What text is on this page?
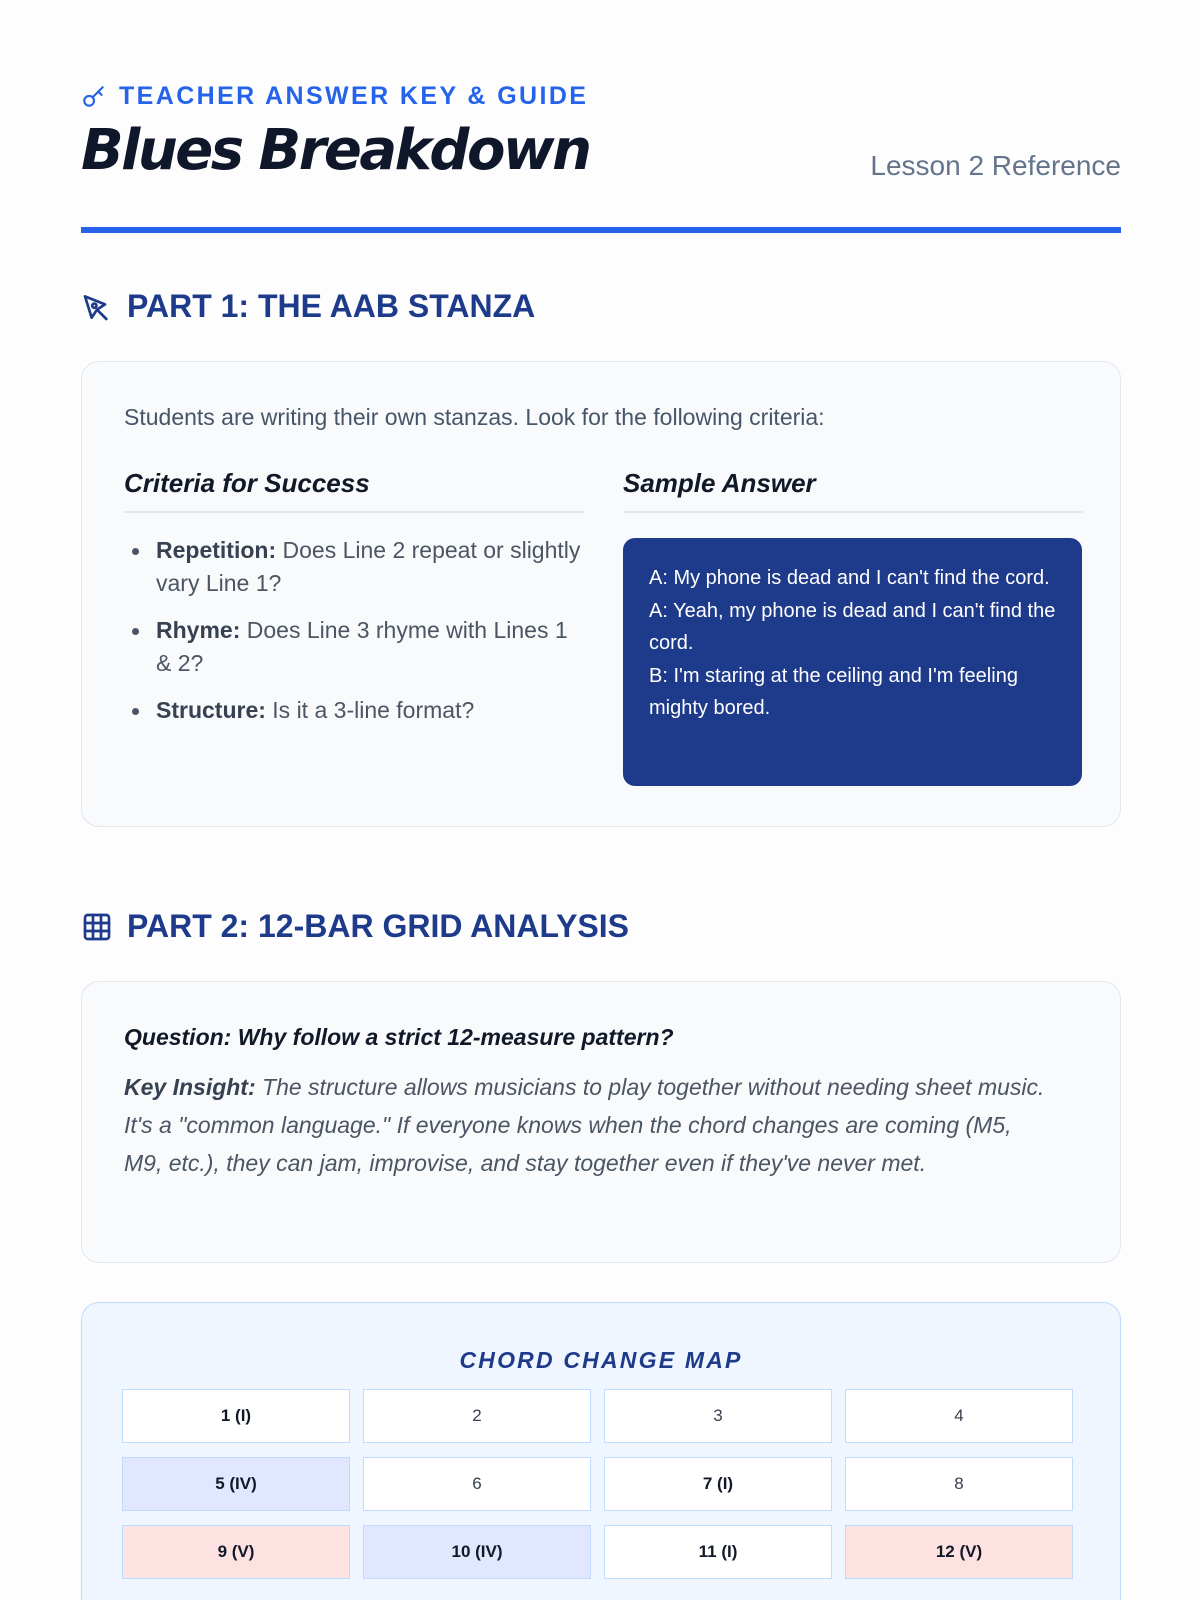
TEACHER ANSWER KEY & GUIDE
Blues Breakdown	Lesson 2 Reference
PART 1: THE AAB STANZA
Students are writing their own stanzas. Look for the following criteria:
Criteria for Success
Repetition: Does Line 2 repeat or slightly vary Line 1?
Rhyme: Does Line 3 rhyme with Lines 1 & 2?
Structure: Is it a 3-line format?
Sample Answer
A: My phone is dead and I can't find the cord.
A: Yeah, my phone is dead and I can't find the cord.
B: I'm staring at the ceiling and I'm feeling mighty bored.
PART 2: 12-BAR GRID ANALYSIS
Question: Why follow a strict 12-measure pattern?
Key Insight: The structure allows musicians to play together without needing sheet music. It's a "common language." If everyone knows when the chord changes are coming (M5, M9, etc.), they can jam, improvise, and stay together even if they've never met.
CHORD CHANGE MAP
1 (I)	2	3	4
5 (IV)	6	7 (I)	8
9 (V)	10 (IV)	11 (I)	12 (V)
